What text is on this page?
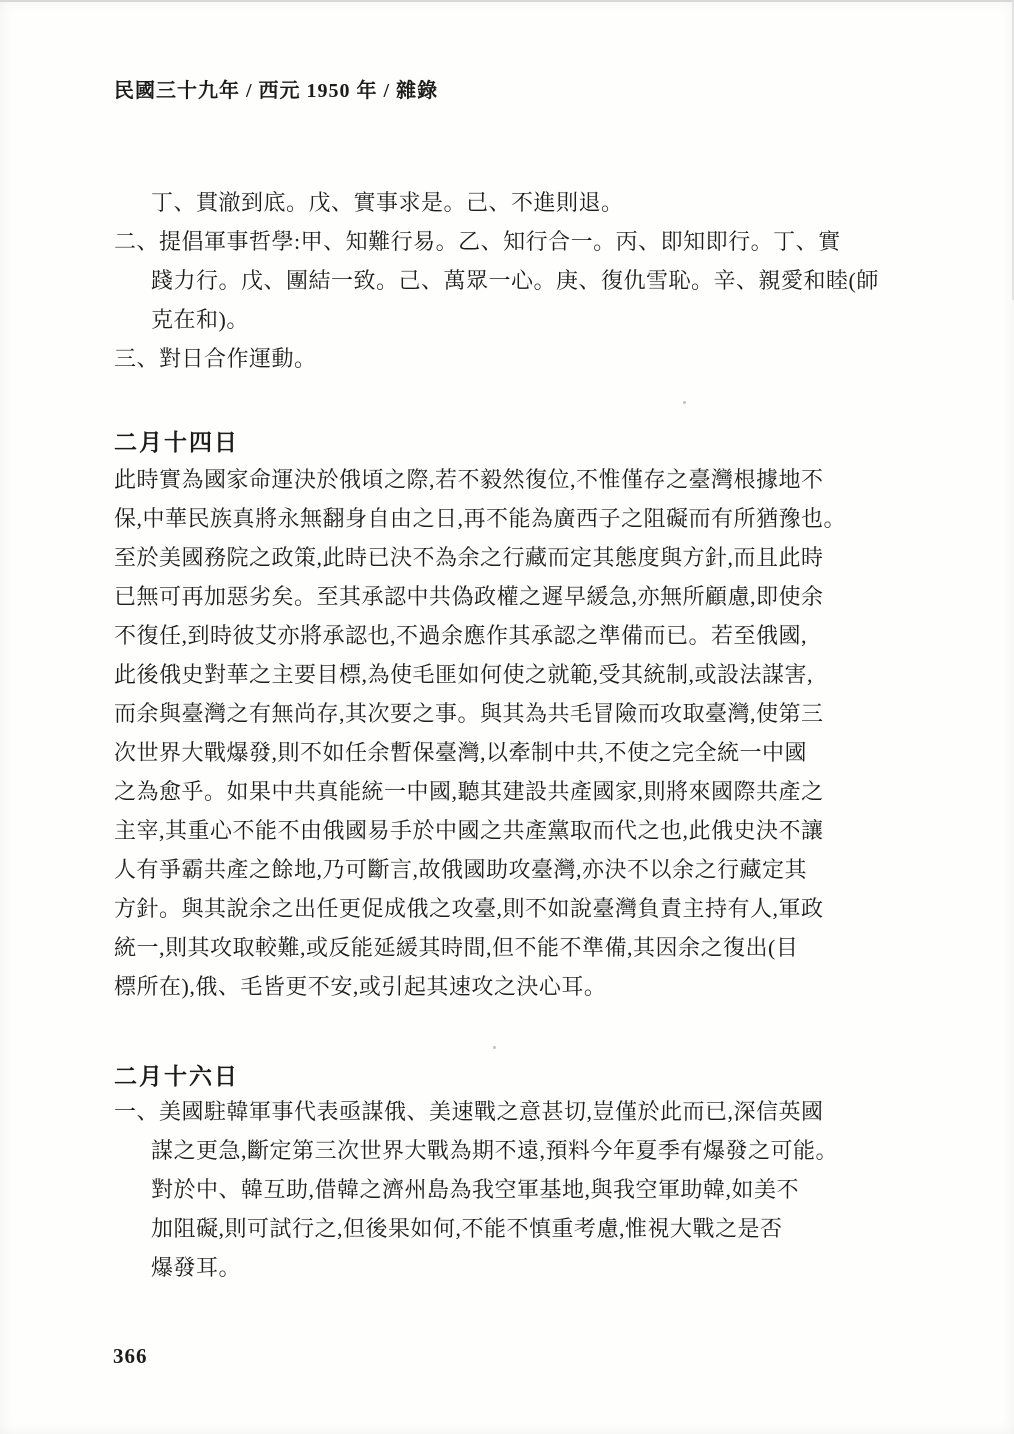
民國三十九年 / 西元 1950 年 / 雜錄
丁、貫澈到底。戊、實事求是。己、不進則退。
二、提倡軍事哲學:甲、知難行易。乙、知行合一。丙、即知即行。丁、實
踐力行。戊、團結一致。己、萬眾一心。庚、復仇雪恥。辛、親愛和睦(師
克在和)。
三、對日合作運動。
二月十四日
此時實為國家命運決於俄頃之際,若不毅然復位,不惟僅存之臺灣根據地不
保,中華民族真將永無翻身自由之日,再不能為廣西子之阻礙而有所猶豫也。
至於美國務院之政策,此時已決不為余之行藏而定其態度與方針,而且此時
已無可再加惡劣矣。至其承認中共偽政權之遲早緩急,亦無所顧慮,即使余
不復任,到時彼艾亦將承認也,不過余應作其承認之準備而已。若至俄國,
此後俄史對華之主要目標,為使毛匪如何使之就範,受其統制,或設法謀害,
而余與臺灣之有無尚存,其次要之事。與其為共毛冒險而攻取臺灣,使第三
次世界大戰爆發,則不如任余暫保臺灣,以牽制中共,不使之完全統一中國
之為愈乎。如果中共真能統一中國,聽其建設共產國家,則將來國際共產之
主宰,其重心不能不由俄國易手於中國之共產黨取而代之也,此俄史決不讓
人有爭霸共產之餘地,乃可斷言,故俄國助攻臺灣,亦決不以余之行藏定其
方針。與其說余之出任更促成俄之攻臺,則不如說臺灣負責主持有人,軍政
統一,則其攻取較難,或反能延緩其時間,但不能不準備,其因余之復出(目
標所在),俄、毛皆更不安,或引起其速攻之決心耳。
二月十六日
一、美國駐韓軍事代表亟謀俄、美速戰之意甚切,豈僅於此而已,深信英國
謀之更急,斷定第三次世界大戰為期不遠,預料今年夏季有爆發之可能。
對於中、韓互助,借韓之濟州島為我空軍基地,與我空軍助韓,如美不
加阻礙,則可試行之,但後果如何,不能不慎重考慮,惟視大戰之是否
爆發耳。
366
